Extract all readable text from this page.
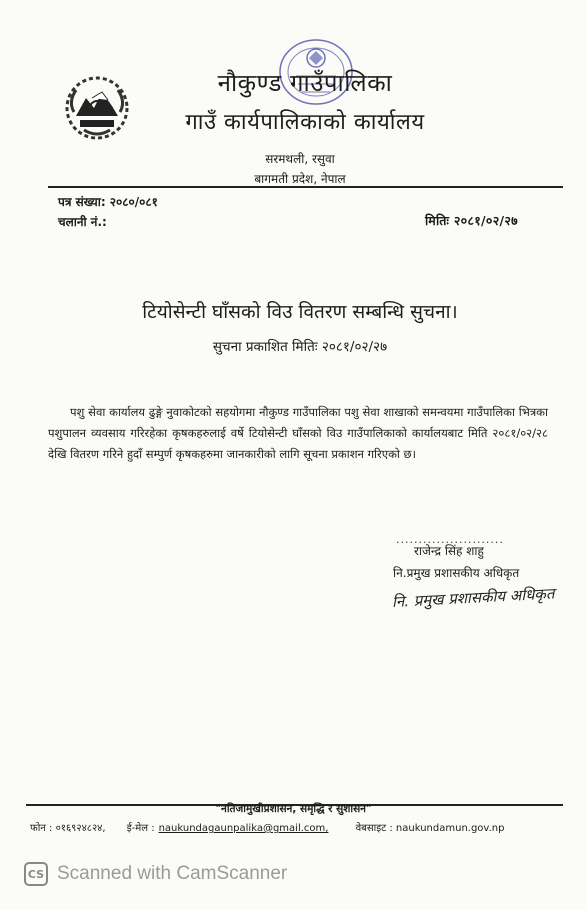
नौकुण्ड गाउँपालिका
गाउँ कार्यपालिकाको कार्यालय
सरमथली, रसुवा
बागमती प्रदेश, नेपाल
पत्र संख्या: २०८०/०८१
चलानी नं.:	मितिः २०८१/०२/२७
टियोसेन्टी घाँसको विउ वितरण सम्बन्धि सुचना।
सुचना प्रकाशित मितिः २०८१/०२/२७
पशु सेवा कार्यालय ढुङ्गे नुवाकोटको सहयोगमा नौकुण्ड गाउँपालिका पशु सेवा शाखाको समन्वयमा गाउँपालिका भित्रका पशुपालन व्यवसाय गरिरहेका कृषकहरुलाई वर्षे टियोसेन्टी घाँसको विउ गाउँपालिकाको कार्यालयबाट मिति २०८१/०२/२८ देखि वितरण गरिने हुदाँ सम्पुर्ण कृषकहरुमा जानकारीको लागि सूचना प्रकाशन गरिएको छ।
........................
राजेन्द्र सिंह शाहु
नि.प्रमुख प्रशासकीय अधिकृत
नि. प्रमुख प्रशासकीय अधिकृत
"नतिजामुखीप्रशासन, समृद्धि र सुशासन"
फोन : ०१६९२४८२४, ई-मेल : naukundagaunpalika@gmail.com,	वेबसाइट : naukundamun.gov.np
CS Scanned with CamScanner
